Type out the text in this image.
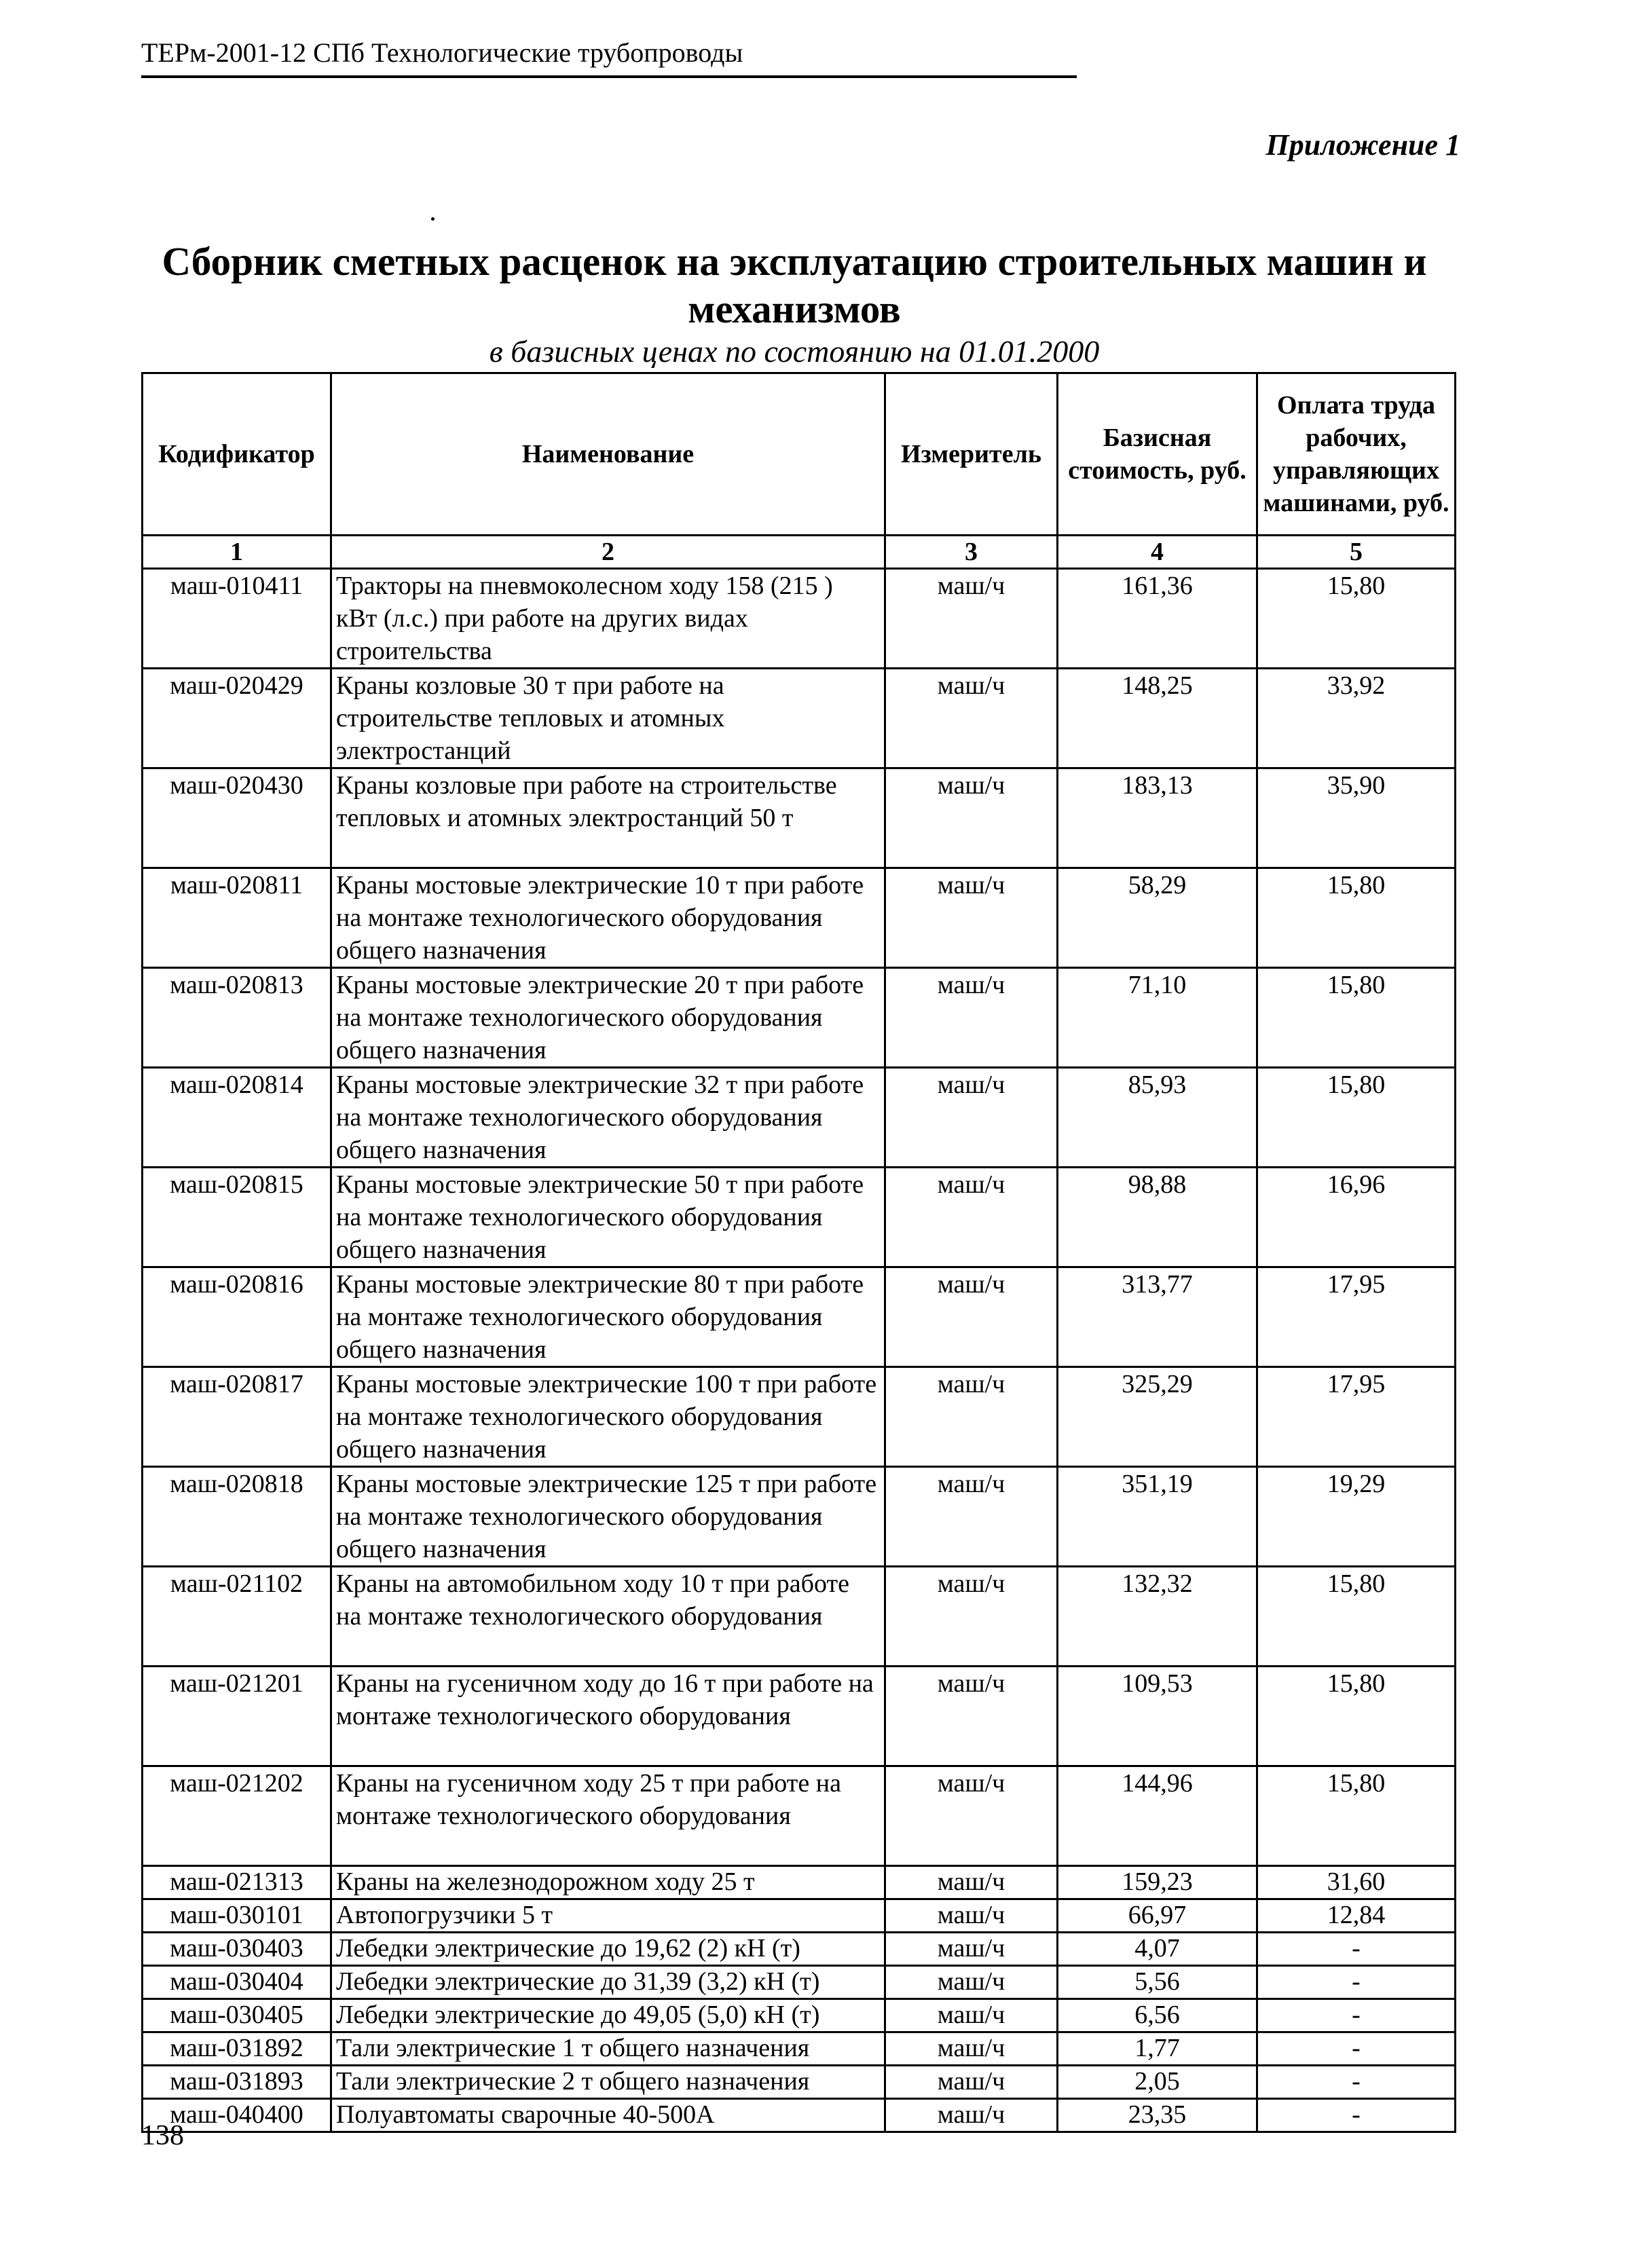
ТЕРм-2001-12 СПб Технологические трубопроводы
Приложение 1
Сборник сметных расценок на эксплуатацию строительных машин и механизмов
в базисных ценах по состоянию на 01.01.2000
Кодификатор	Наименование	Измеритель	Базисная стоимость, руб.	Оплата труда рабочих, управляющих машинами, руб.
1	2	3	4	5
маш-010411	Тракторы на пневмоколесном ходу 158 (215 ) кВт (л.с.) при работе на других видах строительства	маш/ч	161,36	15,80
маш-020429	Краны козловые 30 т при работе на строительстве тепловых и атомных электростанций	маш/ч	148,25	33,92
маш-020430	Краны козловые при работе на строительстве тепловых и атомных электростанций 50 т	маш/ч	183,13	35,90
маш-020811	Краны мостовые электрические 10 т при работе на монтаже технологического оборудования общего назначения	маш/ч	58,29	15,80
маш-020813	Краны мостовые электрические 20 т при работе на монтаже технологического оборудования общего назначения	маш/ч	71,10	15,80
маш-020814	Краны мостовые электрические 32 т при работе на монтаже технологического оборудования общего назначения	маш/ч	85,93	15,80
маш-020815	Краны мостовые электрические 50 т при работе на монтаже технологического оборудования общего назначения	маш/ч	98,88	16,96
маш-020816	Краны мостовые электрические 80 т при работе на монтаже технологического оборудования общего назначения	маш/ч	313,77	17,95
маш-020817	Краны мостовые электрические 100 т при работе на монтаже технологического оборудования общего назначения	маш/ч	325,29	17,95
маш-020818	Краны мостовые электрические 125 т при работе на монтаже технологического оборудования общего назначения	маш/ч	351,19	19,29
маш-021102	Краны на автомобильном ходу 10 т при работе на монтаже технологического оборудования	маш/ч	132,32	15,80
маш-021201	Краны на гусеничном ходу до 16 т при работе на монтаже технологического оборудования	маш/ч	109,53	15,80
маш-021202	Краны на гусеничном ходу 25 т при работе на монтаже технологического оборудования	маш/ч	144,96	15,80
маш-021313	Краны на железнодорожном ходу 25 т	маш/ч	159,23	31,60
маш-030101	Автопогрузчики 5 т	маш/ч	66,97	12,84
маш-030403	Лебедки электрические до 19,62 (2) кН (т)	маш/ч	4,07	-
маш-030404	Лебедки электрические до 31,39 (3,2) кН (т)	маш/ч	5,56	-
маш-030405	Лебедки электрические до 49,05 (5,0) кН (т)	маш/ч	6,56	-
маш-031892	Тали электрические 1 т общего назначения	маш/ч	1,77	-
маш-031893	Тали электрические 2 т общего назначения	маш/ч	2,05	-
маш-040400	Полуавтоматы сварочные 40-500А	маш/ч	23,35	-
138
